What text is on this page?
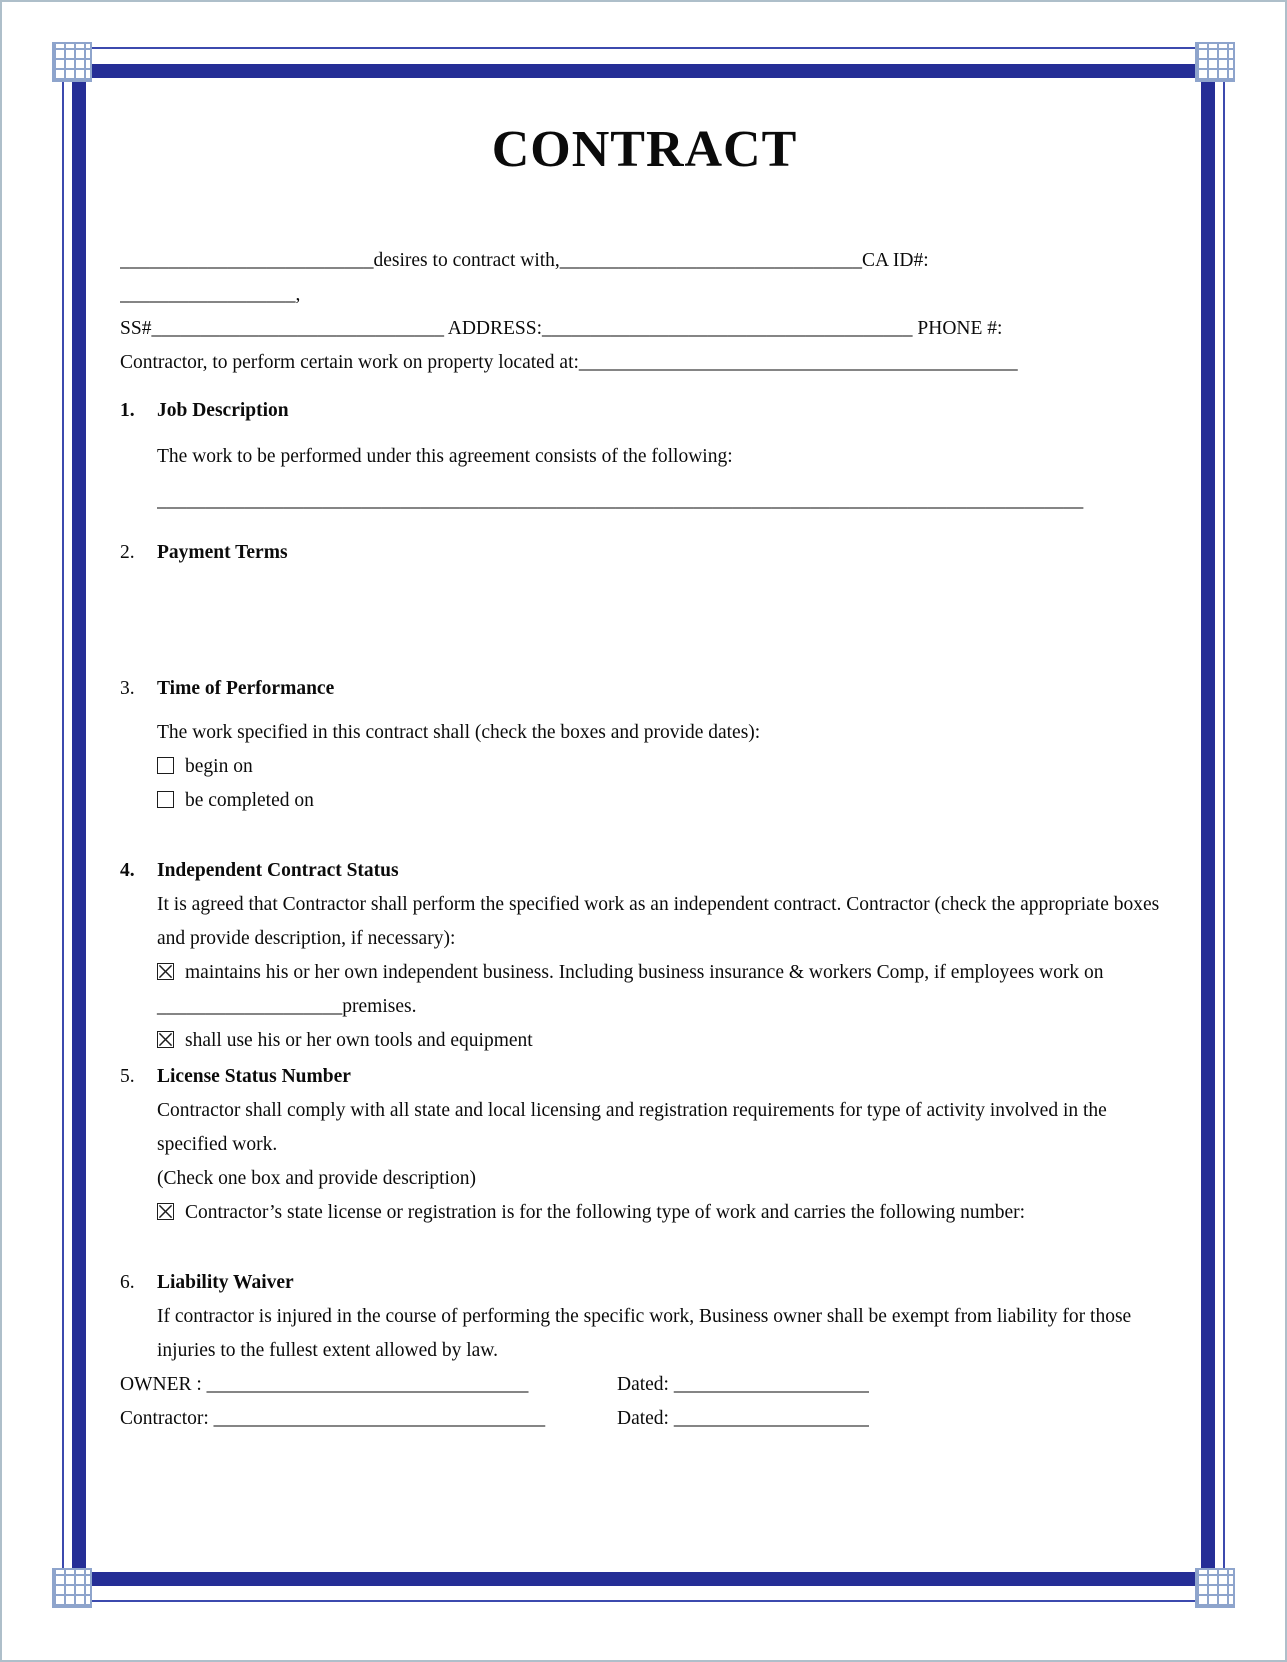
CONTRACT

__________________________desires to contract with,_______________________________CA ID#:

__________________,

SS#______________________________ ADDRESS:______________________________________ PHONE #:

Contractor, to perform certain work on property located at:_____________________________________________

1.	Job Description

The work to be performed under this agreement consists of the following:

_______________________________________________________________________________________________

2.	Payment Terms
3.	Time of Performance

The work specified in this contract shall (check the boxes and provide dates):

begin on

be completed on

4.	Independent Contract Status

It is agreed that Contractor shall perform the specified work as an independent contract. Contractor (check the appropriate boxes and provide description, if necessary):

maintains his or her own independent business. Including business insurance & workers Comp, if employees work on ___________________premises.

shall use his or her own tools and equipment

5.	License Status Number

Contractor shall comply with all state and local licensing and registration requirements for type of activity involved in the specified work.

(Check one box and provide description)

Contractor’s state license or registration is for the following type of work and carries the following number:

6.	Liability Waiver

If contractor is injured in the course of performing the specific work, Business owner shall be exempt from liability for those injuries to the fullest extent allowed by law.

OWNER : _________________________________	Dated: ____________________
Contractor: __________________________________	Dated: ____________________
